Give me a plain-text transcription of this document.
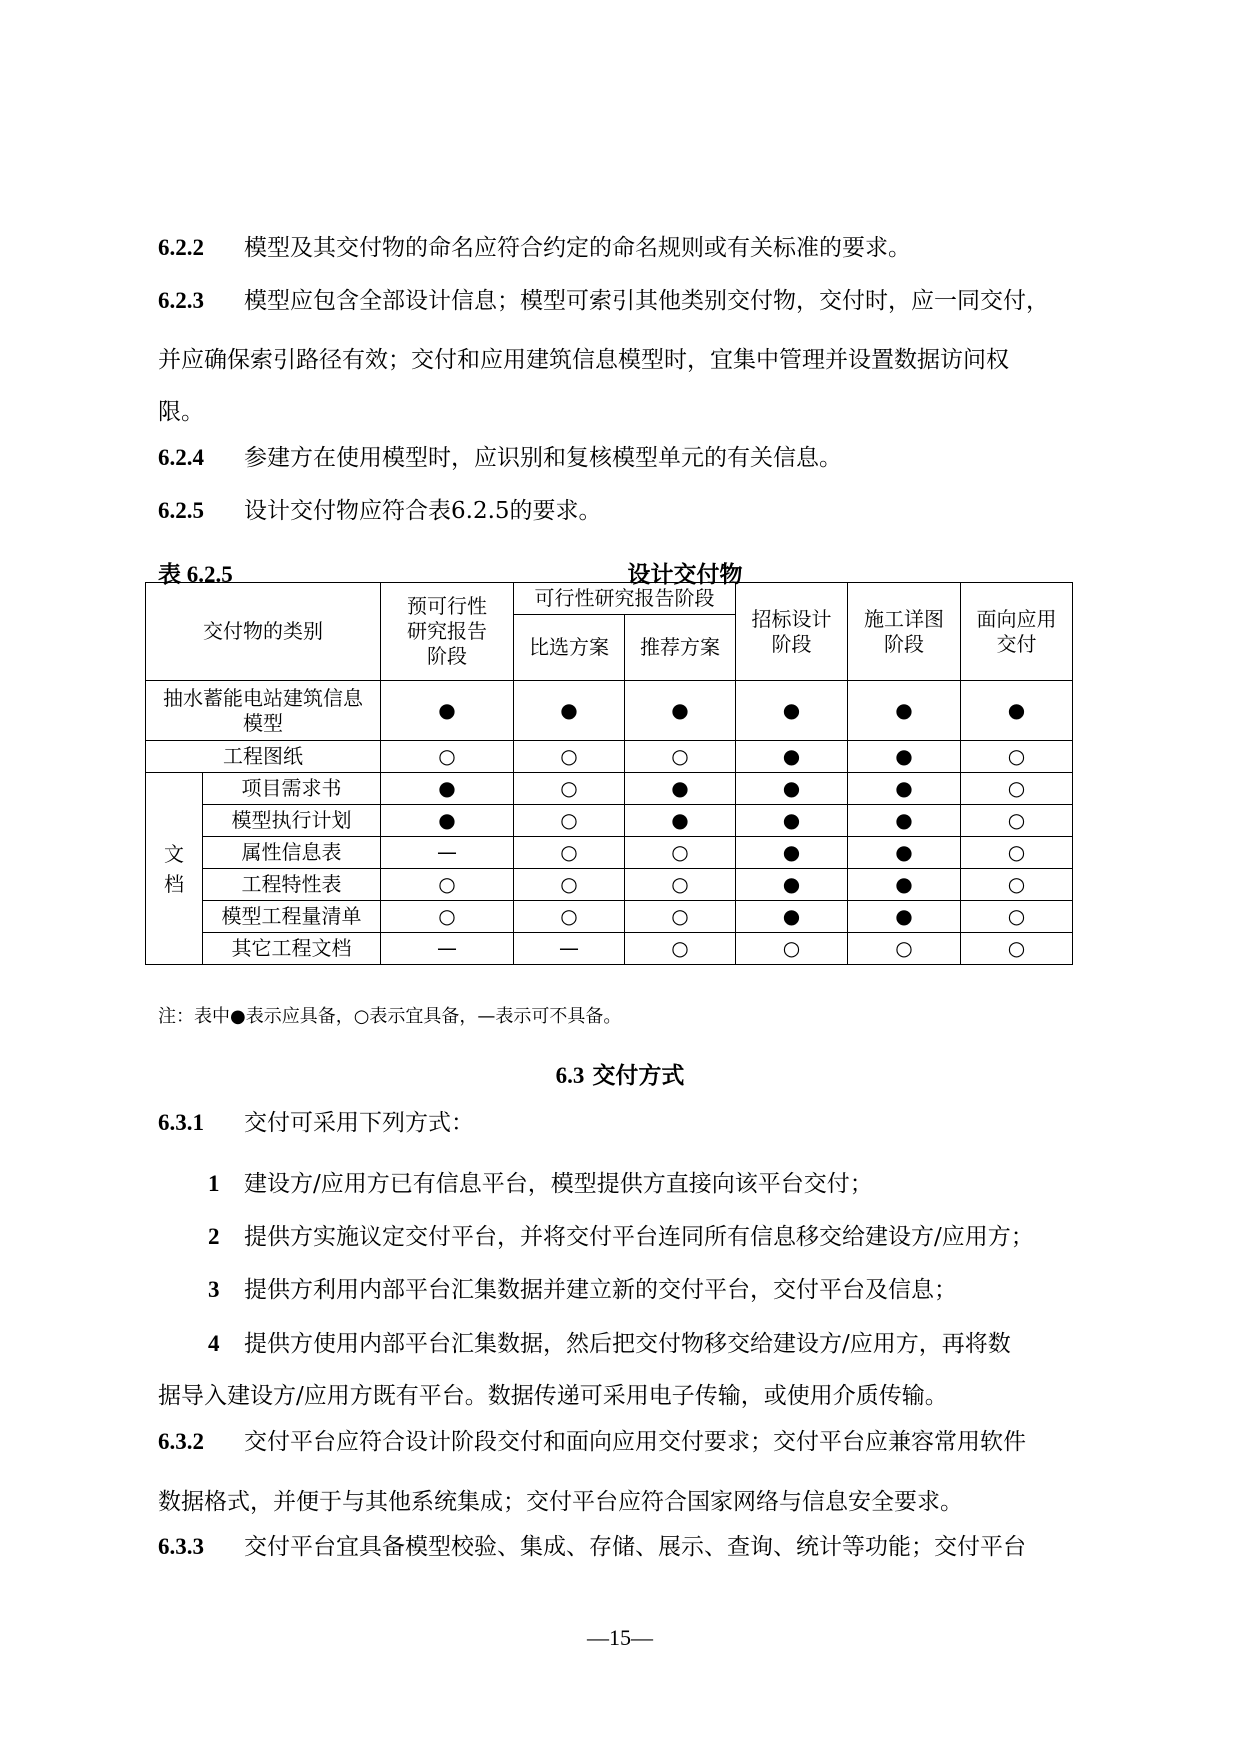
6.2.2 模型及其交付物的命名应符合约定的命名规则或有关标准的要求。
6.2.3 模型应包含全部设计信息；模型可索引其他类别交付物，交付时，应一同交付，
并应确保索引路径有效；交付和应用建筑信息模型时，宜集中管理并设置数据访问权
限。
6.2.4 参建方在使用模型时，应识别和复核模型单元的有关信息。
6.2.5 设计交付物应符合表6.2.5的要求。
表 6.2.5	设计交付物
交付物的类别		预可行性研究报告阶段	可行性研究报告阶段		招标设计阶段	施工详图阶段	面向应用交付
			比选方案	推荐方案			
抽水蓄能电站建筑信息模型		●	●	●	●	●	●
工程图纸		○	○	○	●	●	○
文档	项目需求书	●	○	●	●	●	○
	模型执行计划	●	○	●	●	●	○
	属性信息表	—	○	○	●	●	○
	工程特性表	○	○	○	●	●	○
	模型工程量清单	○	○	○	●	●	○
	其它工程文档	—	—	○	○	○	○
注：表中●表示应具备，○表示宜具备，—表示可不具备。
6.3 交付方式
6.3.1 交付可采用下列方式：
1 建设方/应用方已有信息平台，模型提供方直接向该平台交付；
2 提供方实施议定交付平台，并将交付平台连同所有信息移交给建设方/应用方；
3 提供方利用内部平台汇集数据并建立新的交付平台，交付平台及信息；
4 提供方使用内部平台汇集数据，然后把交付物移交给建设方/应用方，再将数
据导入建设方/应用方既有平台。数据传递可采用电子传输，或使用介质传输。
6.3.2 交付平台应符合设计阶段交付和面向应用交付要求；交付平台应兼容常用软件
数据格式，并便于与其他系统集成；交付平台应符合国家网络与信息安全要求。
6.3.3 交付平台宜具备模型校验、集成、存储、展示、查询、统计等功能；交付平台
—15—
